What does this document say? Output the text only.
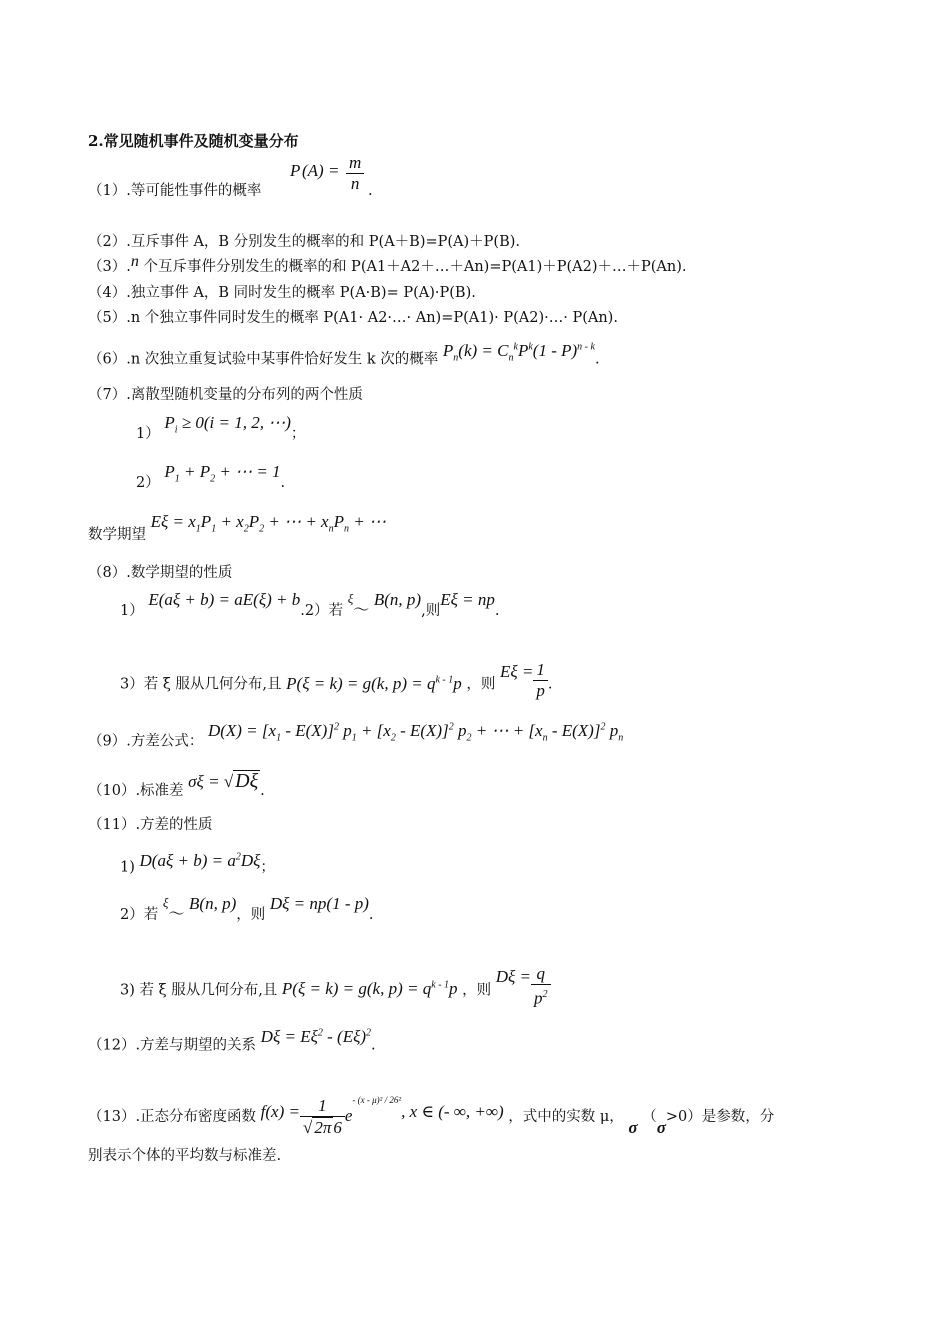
2.常见随机事件及随机变量分布
（1）.等可能性事件的概率
P $(A) = \frac{m}{n}$ .
（2）.互斥事件 A，B 分别发生的概率的和 P(A＋B)=P(A)＋P(B).
（3）.n 个互斥事件分别发生的概率的和 P(A1＋A2＋…＋An)=P(A1)＋P(A2)＋…＋P(An).
（4）.独立事件 A，B 同时发生的概率 P(A·B)= P(A)·P(B).
（5）.n 个独立事件同时发生的概率 P(A1· A2·…· An)=P(A1)· P(A2)·…· P(An).
（6）.n 次独立重复试验中某事件恰好发生 k 次的概率 $P_n(k) = C_n^kP^k(1 - P)^{n - k}$.
（7）.离散型随机变量的分布列的两个性质
1） $P_i \ge 0(i = 1$, 2, ⋯)；
2） $P_1 + P_2$ + ⋯ = 1.
数学期望 $E\xi = x_1P_1 + x_2P_2$ + ⋯ + $x_nP_n$ + ⋯
（8）.数学期望的性质
1） E(aξ + b) = aE(ξ) + b.2）若 ξ～ B(n, p),则Eξ = np.
3）若 ξ 服从几何分布,且 P(ξ = k) = g(k, $p) = q^{k - 1}p$ ，则 $E\xi = \frac{1}{p}$ .
（9）.方差公式： $D(X) = [x_1 - E(X)]^2$ $p_1 + [x_2 - E(X)]^2$ $p_2$ + ⋯ + $[x_n - E(X)]^2$ $p_n$
（10）.标准差 σξ = √ Dξ .
（11）.方差的性质
1) $D(a\xi + b) = a^2D\xi$；
2）若 ξ～ B(n, p)，则 Dξ = np(1 - p).
3) 若 ξ 服从几何分布,且 P(ξ = k) = g(k, $p) = q^{k - 1}p$ ，则 $D\xi = \frac{q}{p^2}$
（12）.方差与期望的关系 $D\xi = E\xi^2 - (E\xi)^2$.
（13）.正态分布密度函数 $f(x) = \frac{1}{√ 2\pi 6} e^{- (x - \mu)^2 / 26^2}$, x ∈ (- ∞, +∞) ，式中的实数 μ， σ （σ>0）是参数，分
别表示个体的平均数与标准差.
